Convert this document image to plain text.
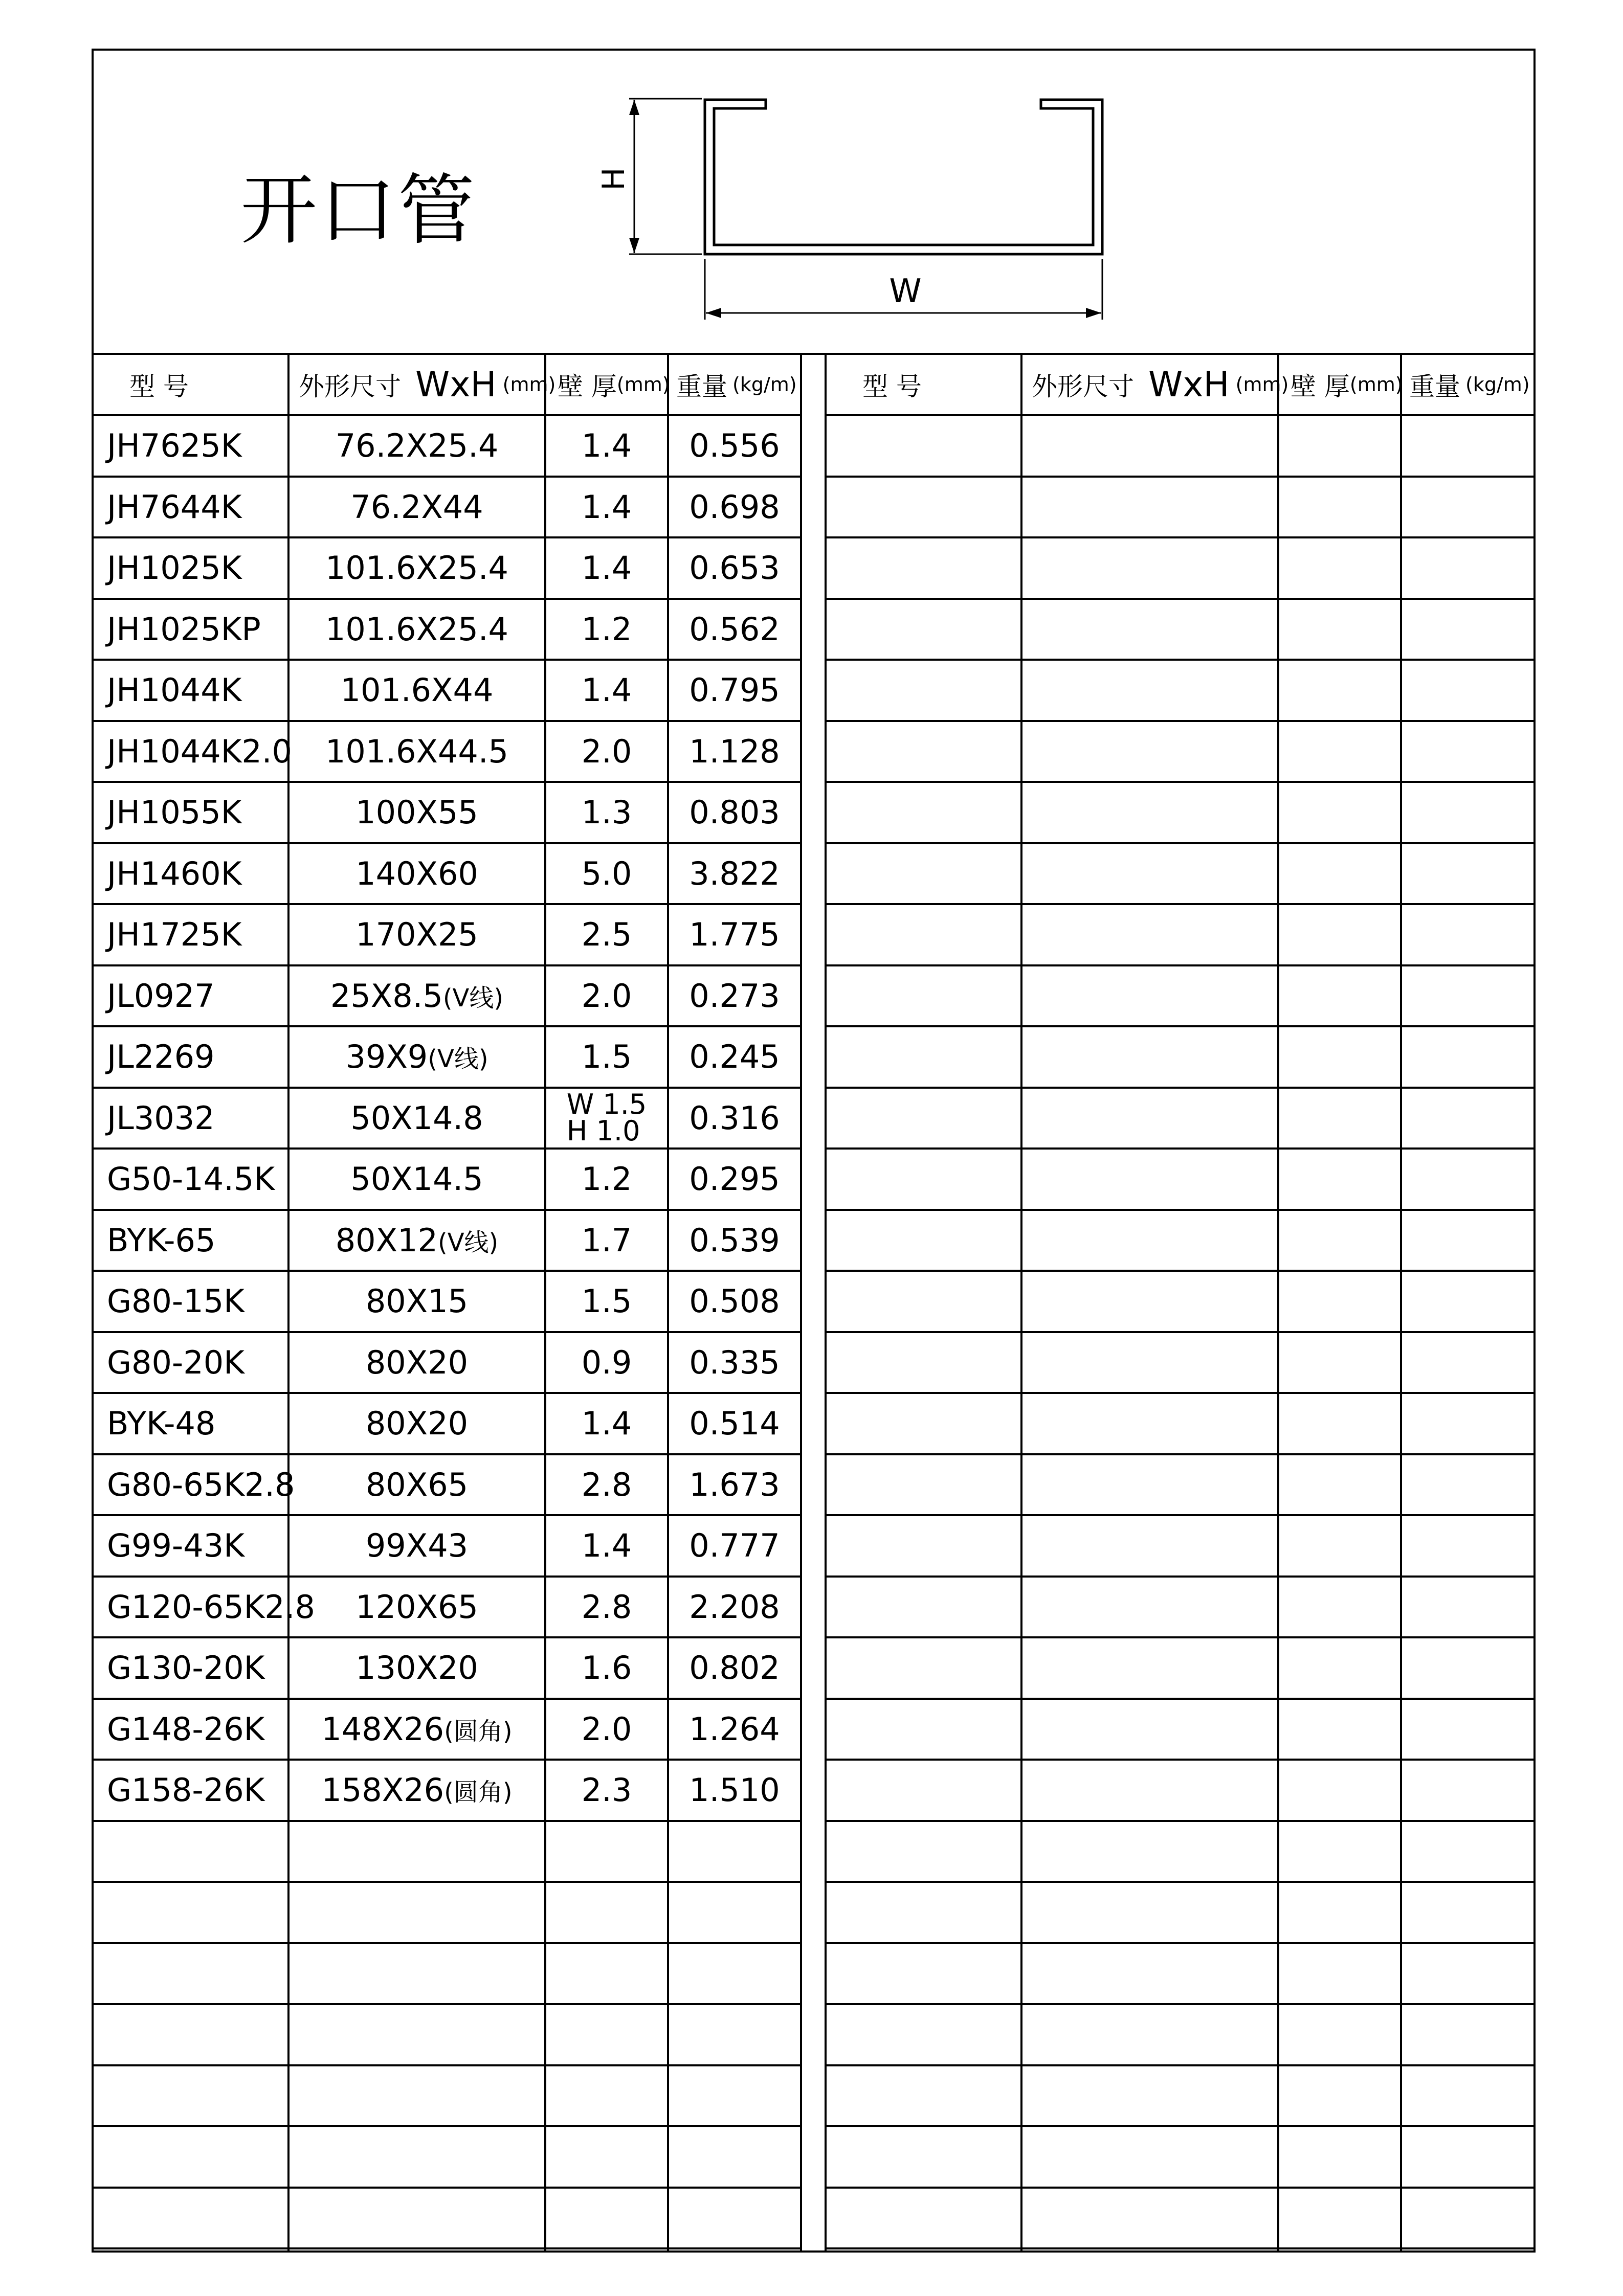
开口管	H
W
型 号	外形尺寸 WxH (mm) 壁 厚 (mm) 重量 (kg/m)	型 号	外形尺寸 WxH (mm) 壁 厚 (mm) 重量 (kg/m)
JH7625K	76.2X25.4	1.4 0.556
JH7644K	76.2X44	1.4 0.698
JH1025K	101.6X25.4 1.4 0.653
JH1025KP 101.6X25.4 1.2 0.562
JH1044K	101.6X44	1.4 0.795
JH1044K2.0 101.6X44.5 2.0 1.128
JH1055K	100X55	1.3 0.803
JH1460K	140X60	5.0 3.822
JH1725K	170X25	2.5 1.775
JL0927	25X8.5 (V线) 2.0 0.273
JL2269	39X9 (V线)	1.5 0.245
JL3032	50X14.8	W 1.5
H 1.0 0.316
G50-14.5K 50X14.5	1.2 0.295
BYK-65	80X12 (V线)	1.7 0.539
G80-15K	80X15	1.5 0.508
G80-20K	80X20	0.9 0.335
BYK-48	80X20	1.4 0.514
G80-65K2.8 80X65	2.8 1.673
G99-43K	99X43	1.4 0.777
G120-65K2.8 120X65	2.8 2.208
G130-20K	130X20	1.6 0.802
G148-26K 148X26 (圆角) 2.0 1.264
G158-26K 158X26 (圆角) 2.3 1.510
